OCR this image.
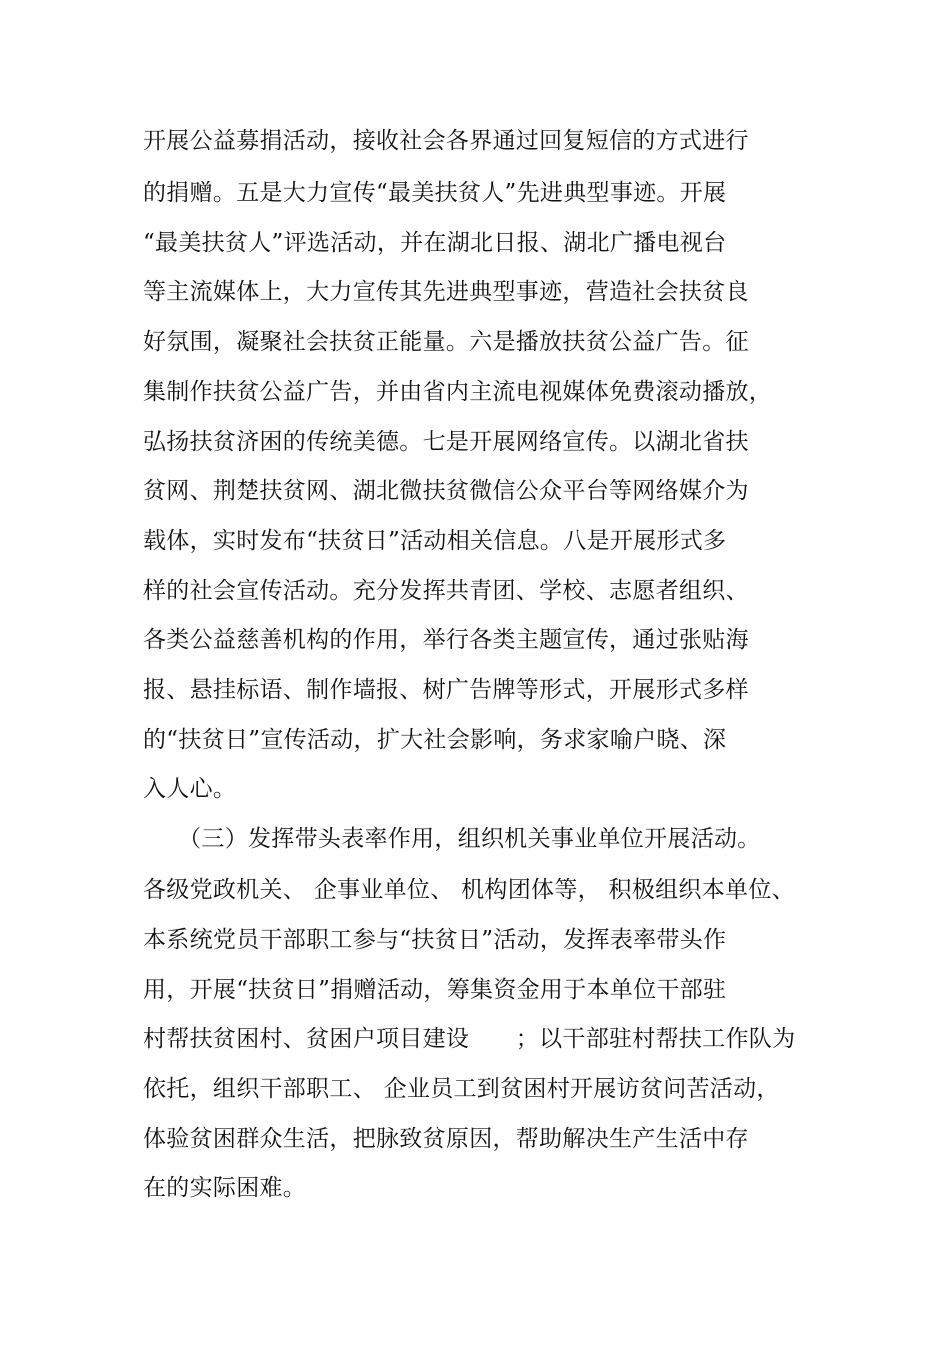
开展公益募捐活动，接收社会各界通过回复短信的方式进行
的捐赠。五是大力宣传“最美扶贫人”先进典型事迹。开展
“最美扶贫人”评选活动，并在湖北日报、湖北广播电视台
等主流媒体上，大力宣传其先进典型事迹，营造社会扶贫良
好氛围，凝聚社会扶贫正能量。六是播放扶贫公益广告。征
集制作扶贫公益广告，并由省内主流电视媒体免费滚动播放，
弘扬扶贫济困的传统美德。七是开展网络宣传。以湖北省扶
贫网、荆楚扶贫网、湖北微扶贫微信公众平台等网络媒介为
载体，实时发布“扶贫日”活动相关信息。八是开展形式多
样的社会宣传活动。充分发挥共青团、学校、志愿者组织、
各类公益慈善机构的作用，举行各类主题宣传，通过张贴海
报、悬挂标语、制作墙报、树广告牌等形式，开展形式多样
的“扶贫日”宣传活动，扩大社会影响，务求家喻户晓、深
入人心。
　　（三）发挥带头表率作用，组织机关事业单位开展活动。
各级党政机关、 企事业单位、 机构团体等， 积极组织本单位、
本系统党员干部职工参与“扶贫日”活动，发挥表率带头作
用，开展“扶贫日”捐赠活动，筹集资金用于本单位干部驻
村帮扶贫困村、贫困户项目建设　　；以干部驻村帮扶工作队为
依托，组织干部职工、 企业员工到贫困村开展访贫问苦活动，
体验贫困群众生活，把脉致贫原因，帮助解决生产生活中存
在的实际困难。
